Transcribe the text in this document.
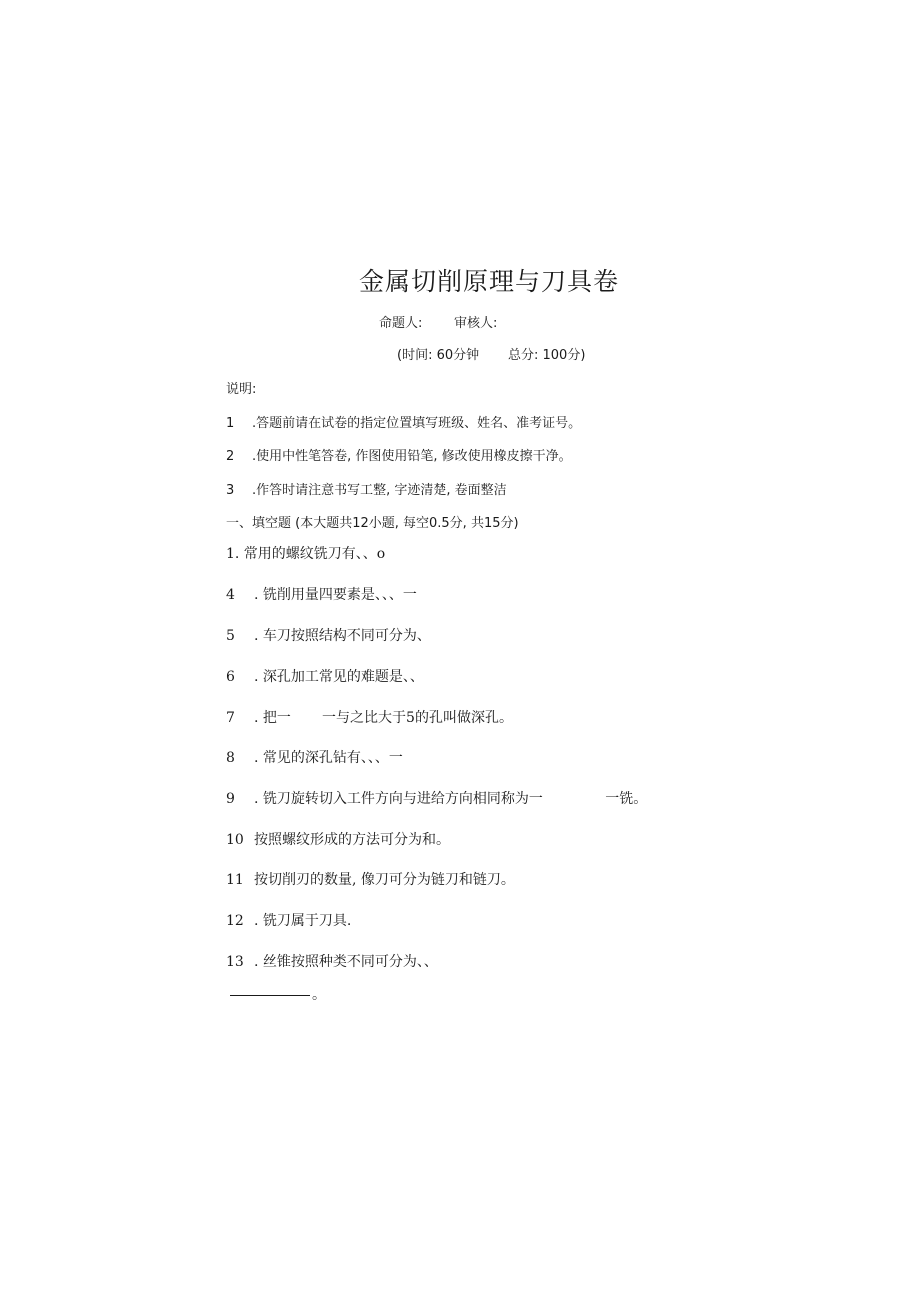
金属切削原理与刀具卷
命题人: 审核人:
(时间: 60分钟 总分: 100分)
说明:
1 .答题前请在试卷的指定位置填写班级、姓名、准考证号。
2 .使用中性笔答卷, 作图使用铅笔, 修改使用橡皮擦干净。
3 .作答时请注意书写工整, 字迹清楚, 卷面整洁
一、填空题 (本大题共12小题, 每空0.5分, 共15分)
1. 常用的螺纹铣刀有、、o
4 . 铣削用量四要素是、、、一
5 . 车刀按照结构不同可分为、
6 . 深孔加工常见的难题是、、
7 . 把一       一与之比大于5的孔叫做深孔。
8 . 常见的深孔钻有、、、一
9 . 铣刀旋转切入工件方向与进给方向相同称为一              一铣。
10 按照螺纹形成的方法可分为和。
11 按切削刃的数量, 像刀可分为链刀和链刀。
12 . 铣刀属于刀具.
13 . 丝锥按照种类不同可分为、、
。
